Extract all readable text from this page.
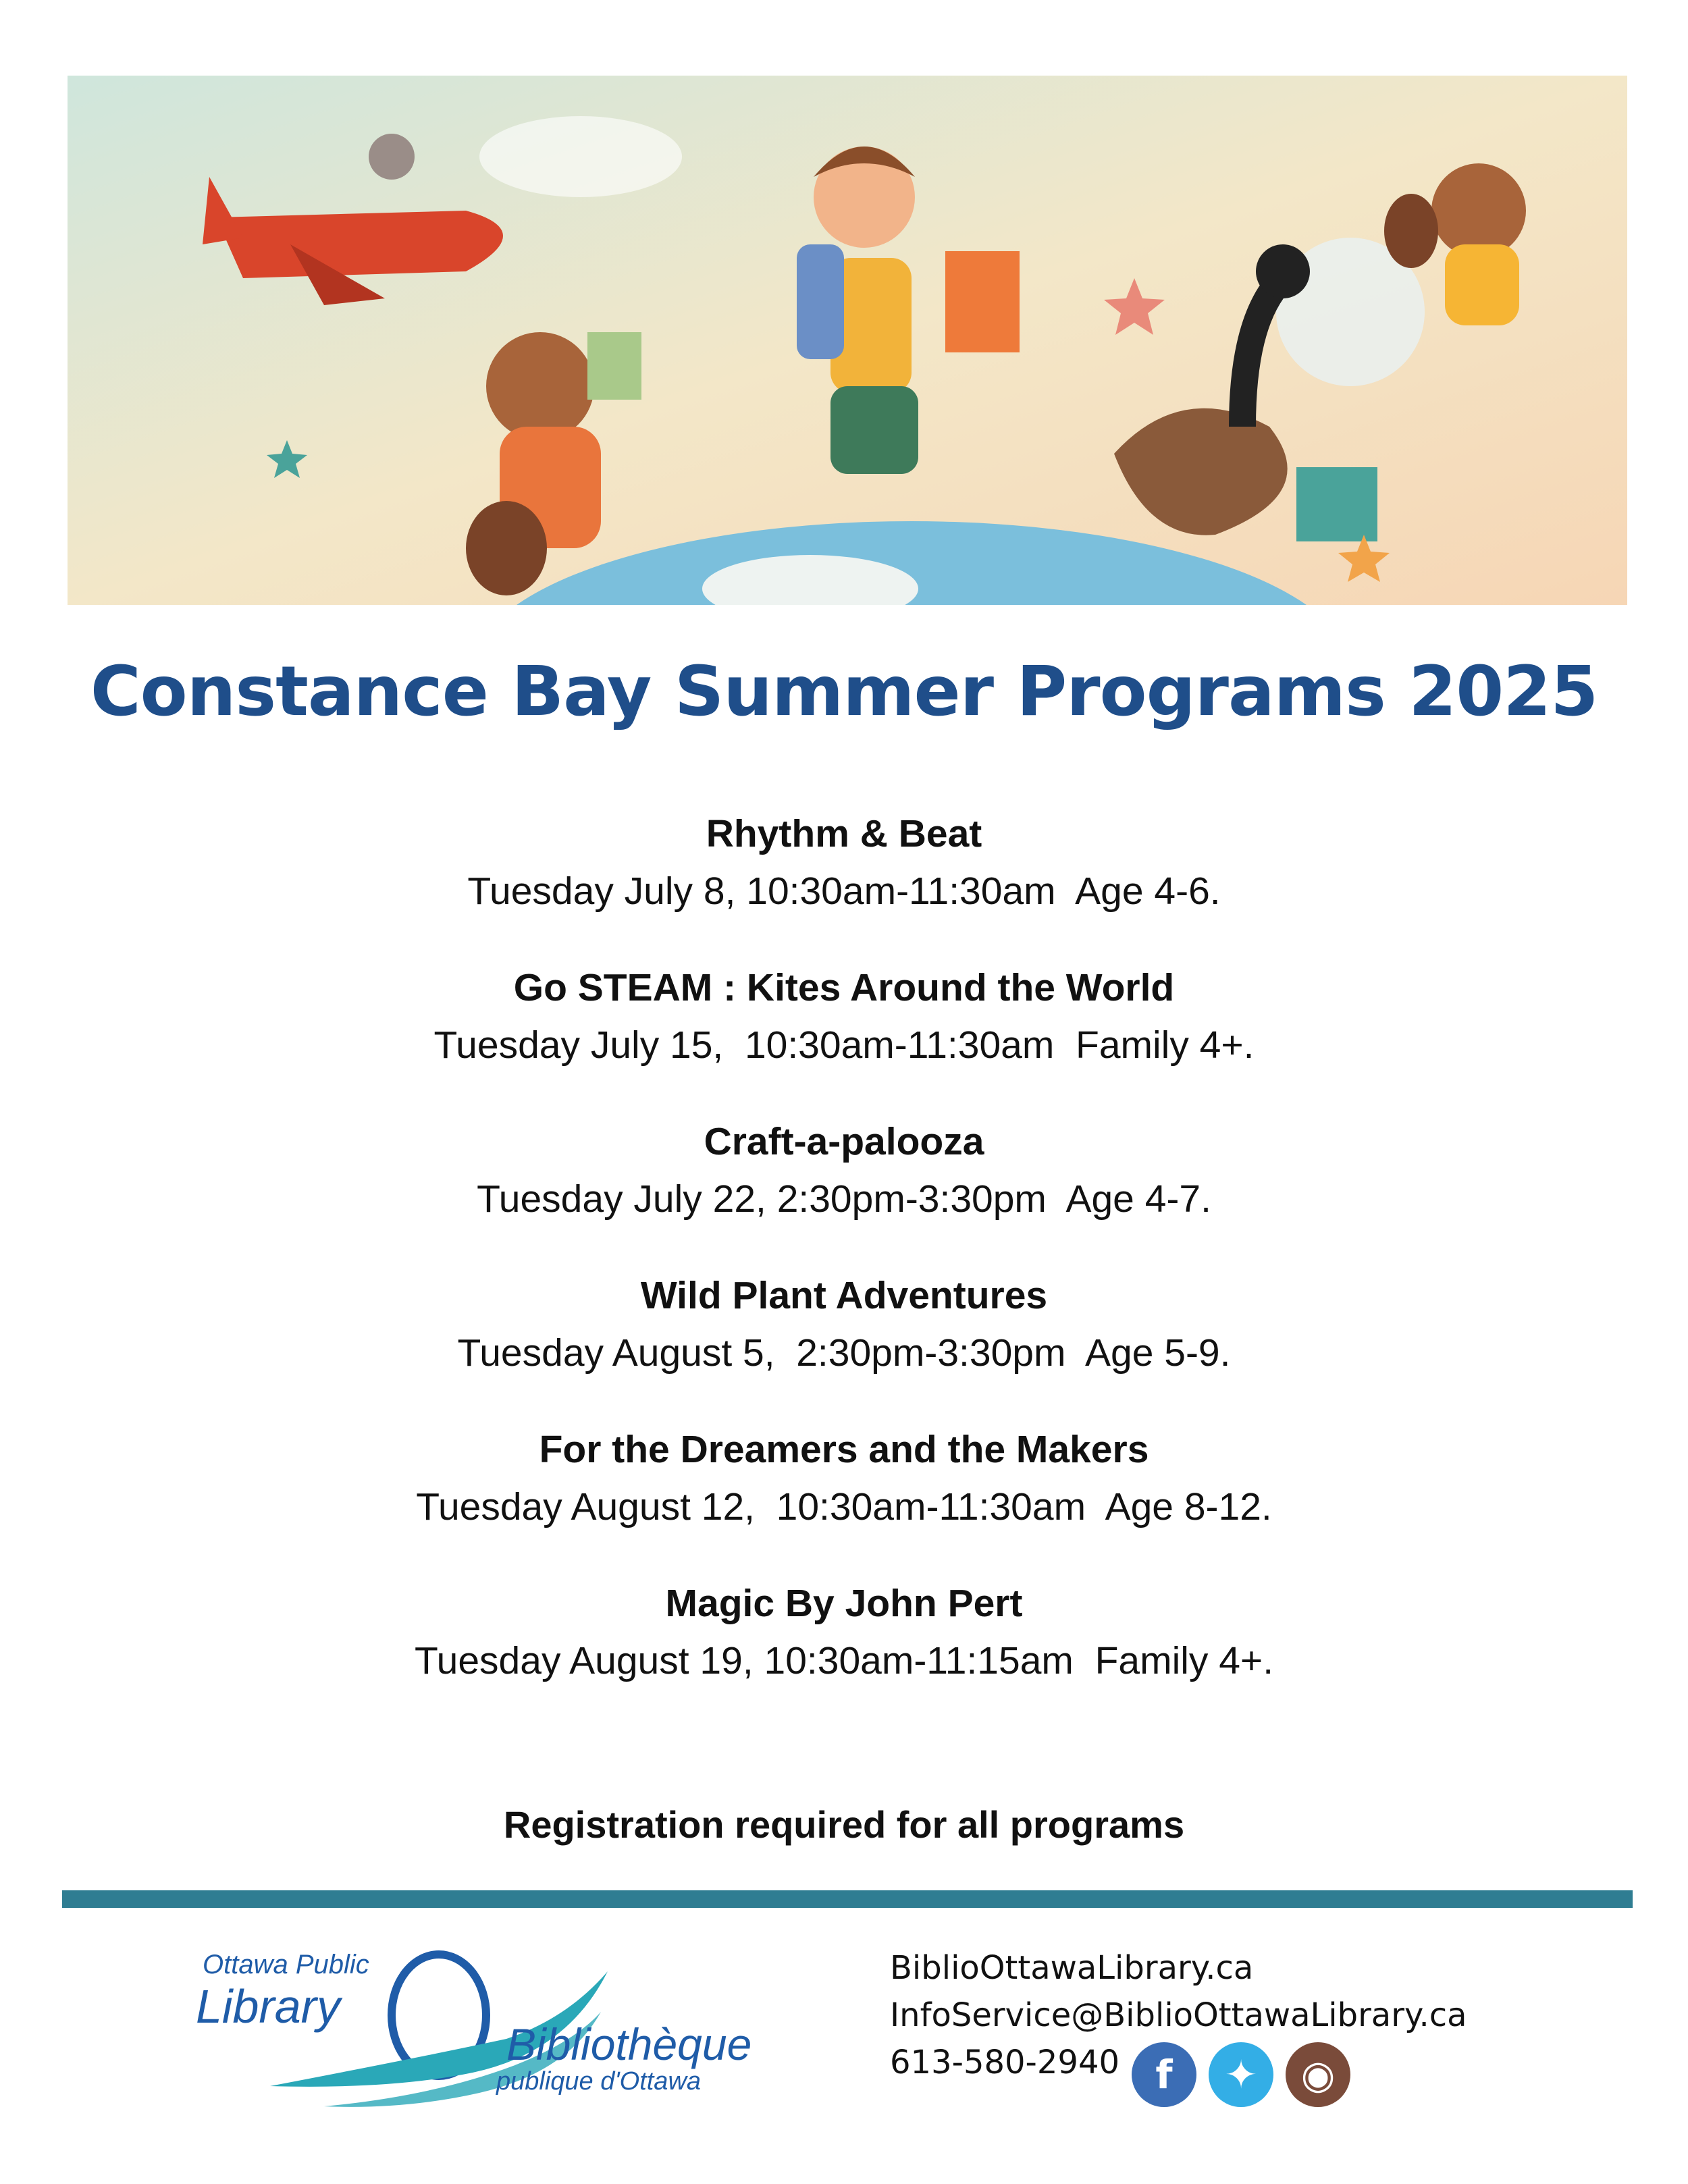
Constance Bay Summer Programs 2025
Rhythm & Beat
Tuesday July 8, 10:30am-11:30am  Age 4-6.
Go STEAM : Kites Around the World
Tuesday July 15,  10:30am-11:30am  Family 4+.
Craft-a-palooza
Tuesday July 22, 2:30pm-3:30pm  Age 4-7.
Wild Plant Adventures
Tuesday August 5,  2:30pm-3:30pm  Age 5-9.
For the Dreamers and the Makers
Tuesday August 12,  10:30am-11:30am  Age 8-12.
Magic By John Pert
Tuesday August 19, 10:30am-11:15am  Family 4+.
Registration required for all programs
Ottawa Public
Library
Bibliothèque
publique d'Ottawa
BiblioOttawaLibrary.ca
InfoService@BiblioOttawaLibrary.ca
613-580-2940 f	✦	◉
